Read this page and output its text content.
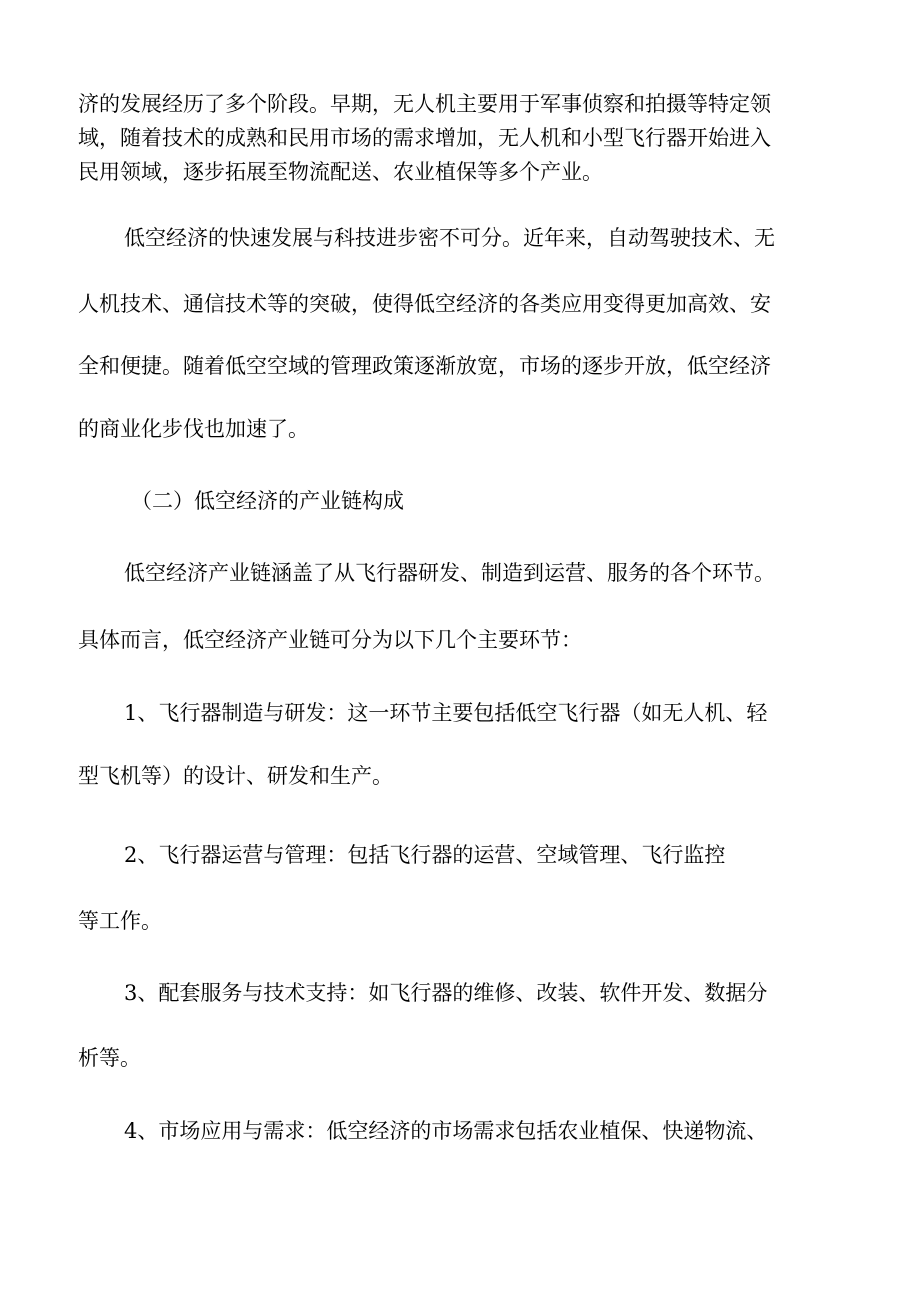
济的发展经历了多个阶段。早期，无人机主要用于军事侦察和拍摄等特定领
域，随着技术的成熟和民用市场的需求增加，无人机和小型飞行器开始进入
民用领域，逐步拓展至物流配送、农业植保等多个产业。
低空经济的快速发展与科技进步密不可分。近年来，自动驾驶技术、无
人机技术、通信技术等的突破，使得低空经济的各类应用变得更加高效、安
全和便捷。随着低空空域的管理政策逐渐放宽，市场的逐步开放，低空经济
的商业化步伐也加速了。
（二）低空经济的产业链构成
低空经济产业链涵盖了从飞行器研发、制造到运营、服务的各个环节。
具体而言，低空经济产业链可分为以下几个主要环节：
1、飞行器制造与研发：这一环节主要包括低空飞行器（如无人机、轻
型飞机等）的设计、研发和生产。
2、飞行器运营与管理：包括飞行器的运营、空域管理、飞行监控
等工作。
3、配套服务与技术支持：如飞行器的维修、改装、软件开发、数据分
析等。
4、市场应用与需求：低空经济的市场需求包括农业植保、快递物流、
